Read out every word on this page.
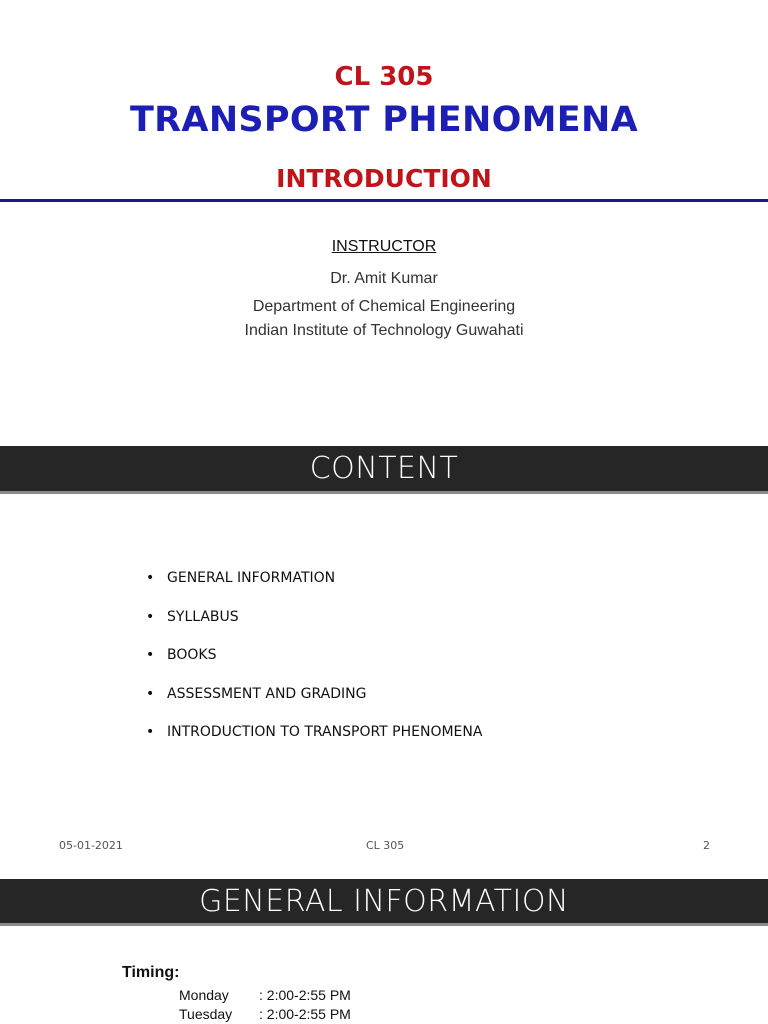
CL 305
TRANSPORT PHENOMENA
INTRODUCTION
INSTRUCTOR
Dr. Amit Kumar
Department of Chemical Engineering
Indian Institute of Technology Guwahati
CONTENT
• GENERAL INFORMATION
• SYLLABUS
• BOOKS
• ASSESSMENT AND GRADING
• INTRODUCTION TO TRANSPORT PHENOMENA
05-01-2021	CL 305	2
GENERAL INFORMATION
Timing:
Monday : 2:00-2:55 PM
Tuesday : 2:00-2:55 PM
